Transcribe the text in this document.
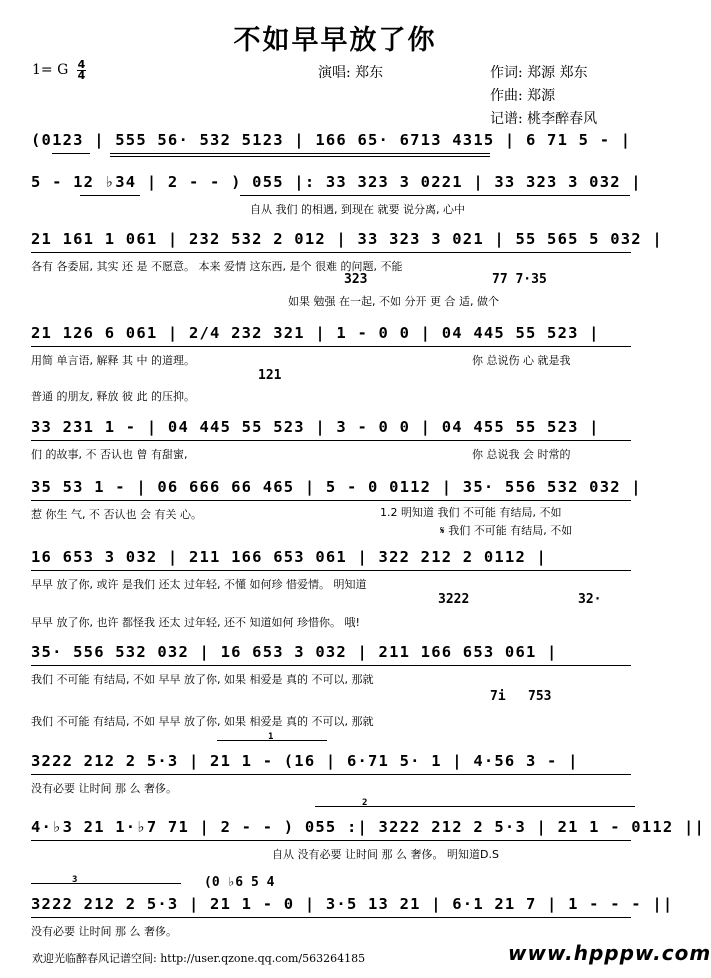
不如早早放了你
1= G 4
4	演唱: 郑东	作词: 郑源 郑东
作曲: 郑源
记谱: 桃李醉春风
(0123 | 555 56· 532 5123 | 166 65· 6713 4315 | 6 71 5 - |
5 - 12 ♭34 | 2 - - ) 055 |: 33 323 3 0221 | 33 323 3 032 |
自从 我们 的相遇, 到现在 就要 说分离, 心中
21 161 1 061 | 232 532 2 012 | 33 323 3 021 | 55 565 5 032 |
各有 各委屈, 其实 还 是 不愿意。 本来 爱情 这东西, 是个 很难 的问题, 不能
323	77 7·35
如果 勉强 在一起, 不如 分开 更 合 适, 做个
21 126 6 061 | 2/4 232 321 | 1 - 0 0 | 04 445 55 523 |
用简 单言语, 解释 其 中 的道理。	你 总说伤 心 就是我
121
普通 的朋友, 释放 彼 此 的压抑。
33 231 1 - | 04 445 55 523 | 3 - 0 0 | 04 455 55 523 |
们 的故事, 不 否认也 曾 有甜蜜,	你 总说我 会 时常的
35 53 1 - | 06 666 66 465 | 5 - 0 0112 | 35· 556 532 032 |
惹 你生 气, 不 否认也 会 有关 心。	1.2 明知道 我们 不可能 有结局, 不如
𝄋 我们 不可能 有结局, 不如
16 653 3 032 | 211 166 653 061 | 322 212 2 0112 |
早早 放了你, 或许 是我们 还太 过年轻, 不懂 如何珍 惜爱情。 明知道
3222	32·
早早 放了你, 也许 都怪我 还太 过年轻, 还不 知道如何 珍惜你。 哦!
35· 556 532 032 | 16 653 3 032 | 211 166 653 061 |
我们 不可能 有结局, 不如 早早 放了你, 如果 相爱是 真的 不可以, 那就
7i 753
我们 不可能 有结局, 不如 早早 放了你, 如果 相爱是 真的 不可以, 那就
1
3222 212 2 5·3 | 21 1 - (16 | 6·71 5· 1 | 4·56 3 - |
没有必要 让时间 那 么 奢侈。
2
4·♭3 21 1·♭7 71 | 2 - - ) 055 :| 3222 212 2 5·3 | 21 1 - 0112 ||
自从 没有必要 让时间 那 么 奢侈。 明知道D.S
3	(0 ♭6 5 4
3222 212 2 5·3 | 21 1 - 0 | 3·5 13 21 | 6·1 21 7 | 1 - - - ||
没有必要 让时间 那 么 奢侈。
欢迎光临醉春风记谱空间: http://user.qzone.qq.com/563264185	www.hpppw.com
